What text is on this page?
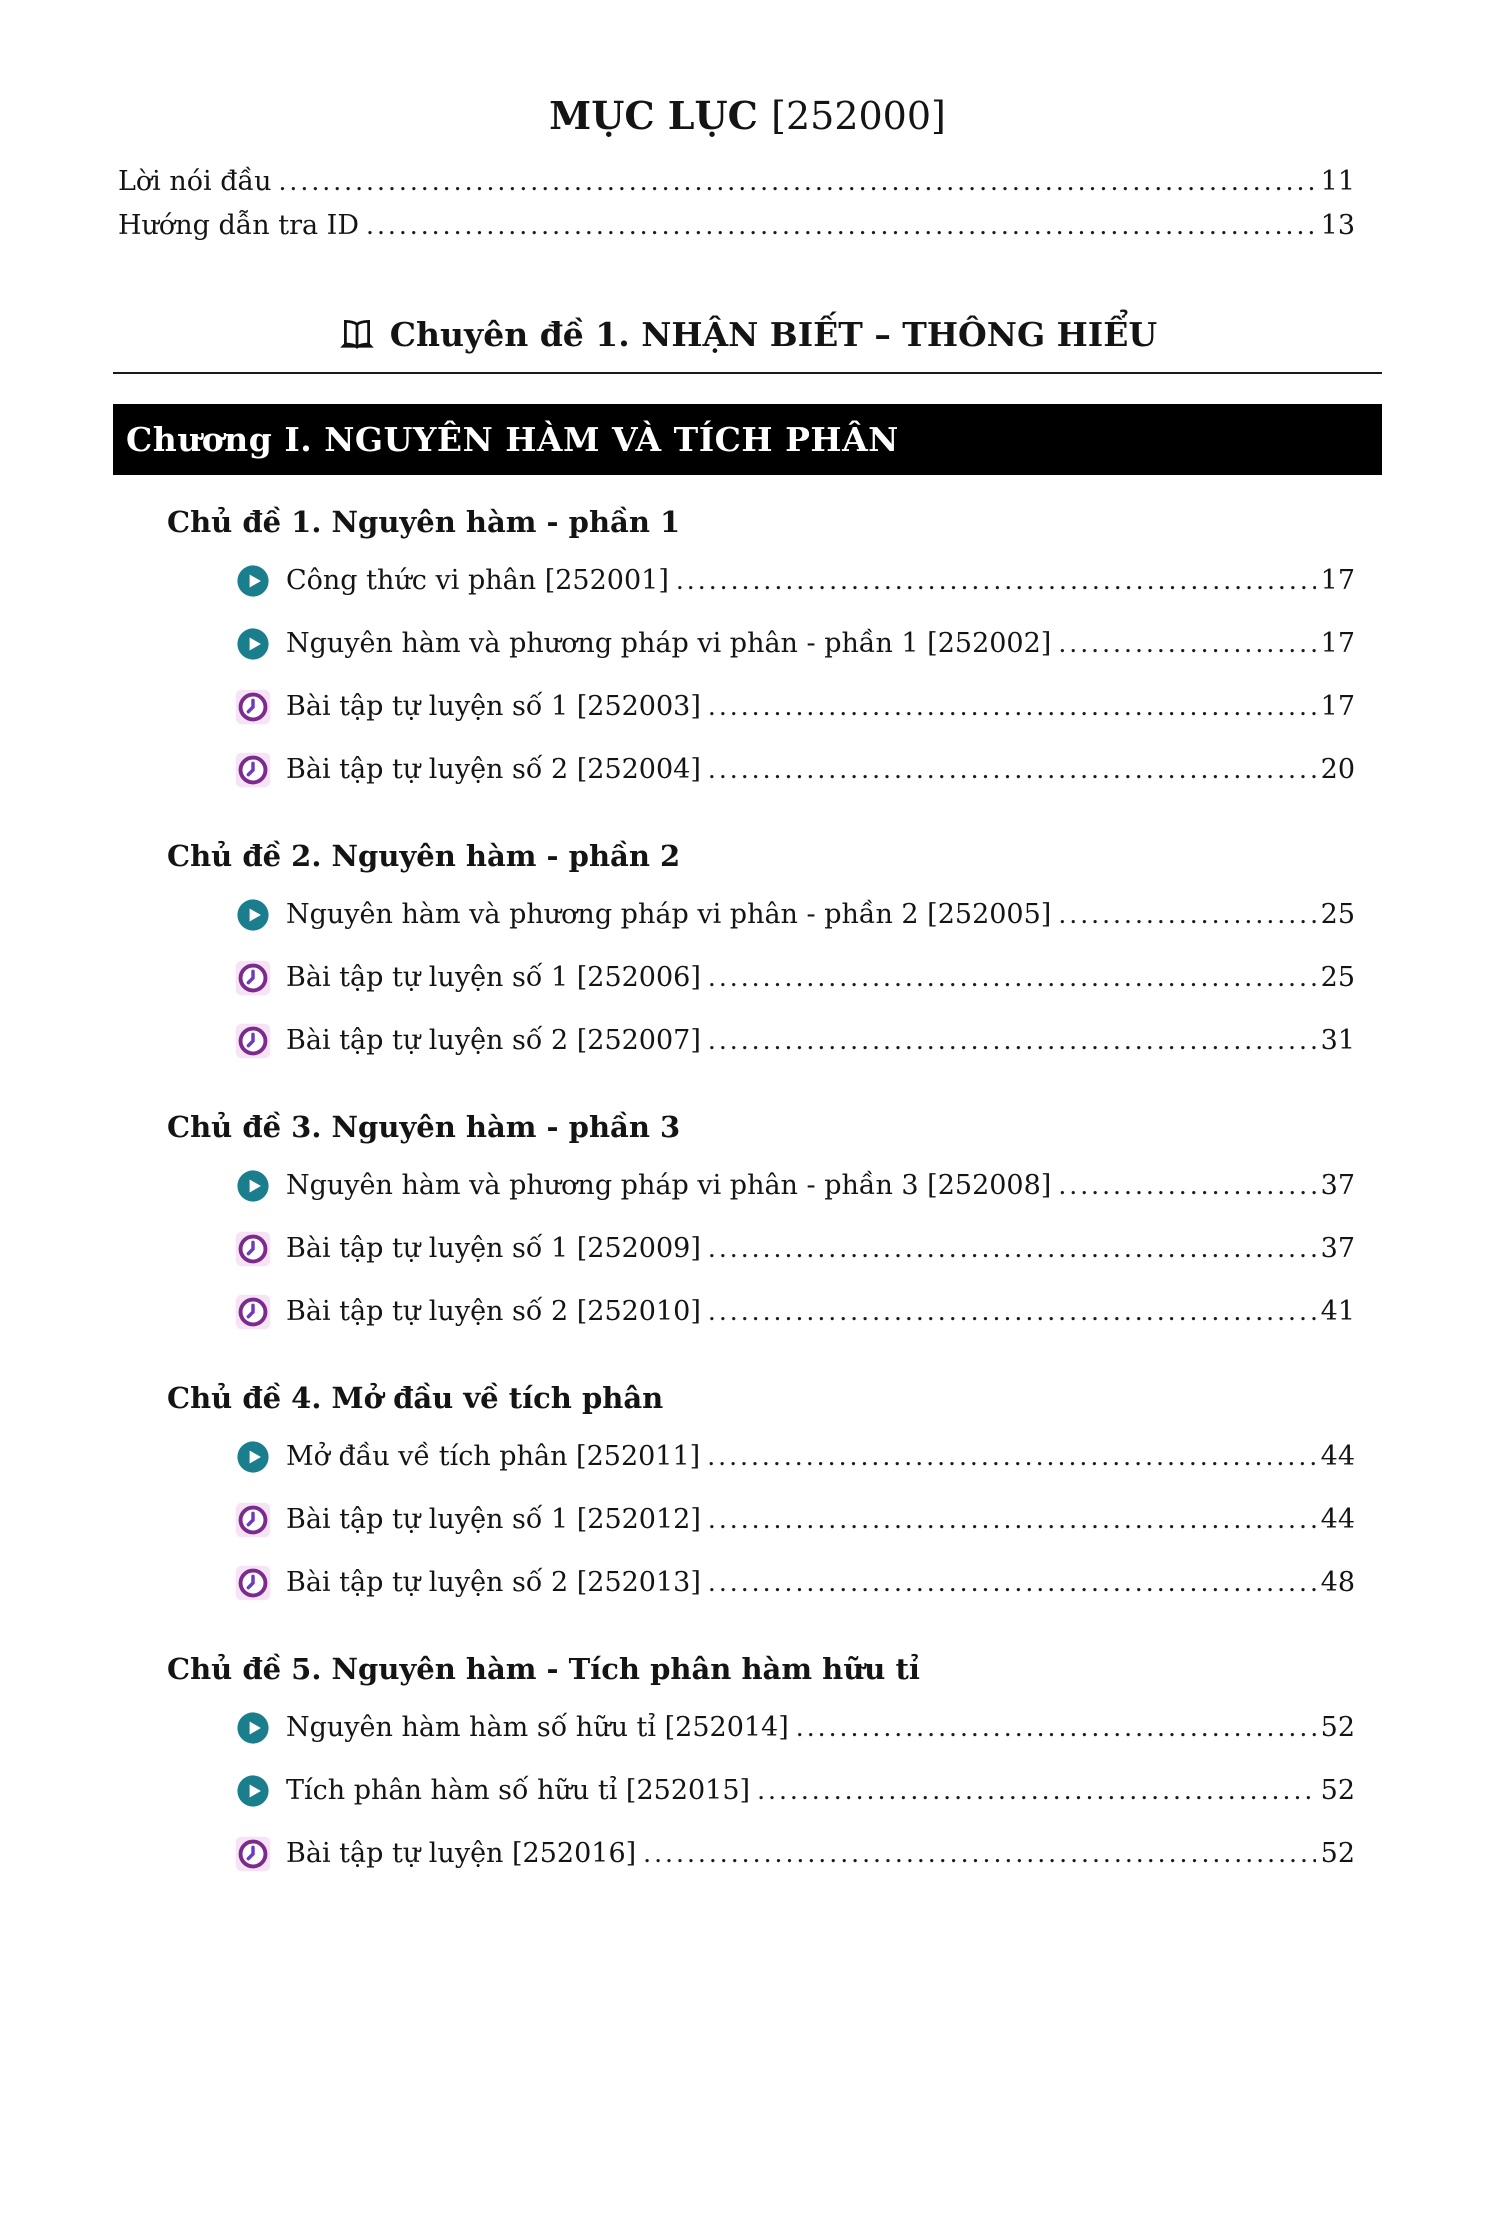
MỤC LỤC [252000]
Lời nói đầu .....	11
Hướng dẫn tra ID .....	13
Chuyên đề 1. NHẬN BIẾT – THÔNG HIỂU
Chương I. NGUYÊN HÀM VÀ TÍCH PHÂN
Chủ đề 1. Nguyên hàm - phần 1
Công thức vi phân [252001] .....	17
Nguyên hàm và phương pháp vi phân - phần 1 [252002] .....	17
Bài tập tự luyện số 1 [252003] .....	17
Bài tập tự luyện số 2 [252004] .....	20
Chủ đề 2. Nguyên hàm - phần 2
Nguyên hàm và phương pháp vi phân - phần 2 [252005] .....	25
Bài tập tự luyện số 1 [252006] .....	25
Bài tập tự luyện số 2 [252007] .....	31
Chủ đề 3. Nguyên hàm - phần 3
Nguyên hàm và phương pháp vi phân - phần 3 [252008] .....	37
Bài tập tự luyện số 1 [252009] .....	37
Bài tập tự luyện số 2 [252010] .....	41
Chủ đề 4. Mở đầu về tích phân
Mở đầu về tích phân [252011] .....	44
Bài tập tự luyện số 1 [252012] .....	44
Bài tập tự luyện số 2 [252013] .....	48
Chủ đề 5. Nguyên hàm - Tích phân hàm hữu tỉ
Nguyên hàm hàm số hữu tỉ [252014] .....	52
Tích phân hàm số hữu tỉ [252015] .....	52
Bài tập tự luyện [252016] .....	52
